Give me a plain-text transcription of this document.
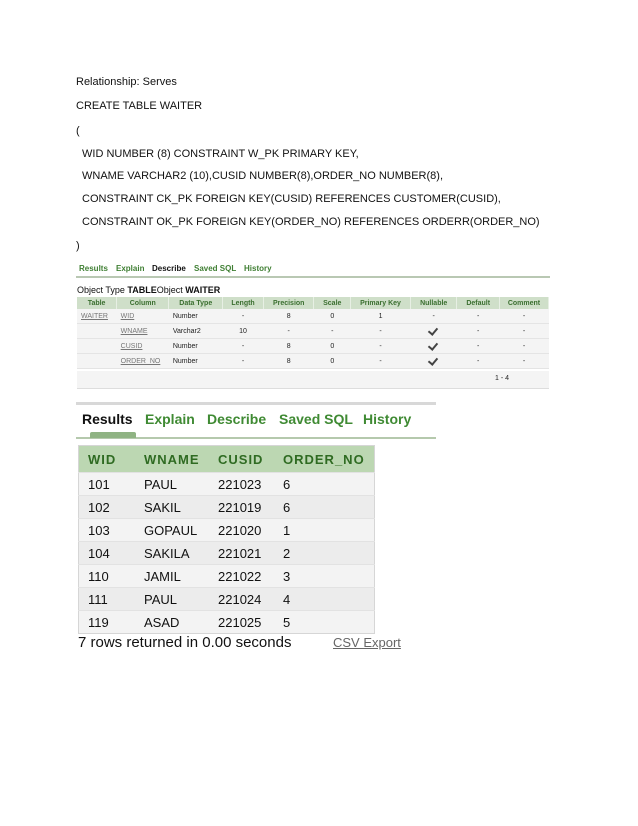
Relationship: Serves
CREATE TABLE WAITER
(
WID NUMBER (8) CONSTRAINT W_PK PRIMARY KEY,
WNAME VARCHAR2 (10),CUSID NUMBER(8),ORDER_NO NUMBER(8),
CONSTRAINT CK_PK FOREIGN KEY(CUSID) REFERENCES CUSTOMER(CUSID),
CONSTRAINT OK_PK FOREIGN KEY(ORDER_NO) REFERENCES ORDERR(ORDER_NO)
)
Results Explain Describe Saved SQL History
Object Type TABLEObject WAITER
Table	Column	Data Type	Length	Precision	Scale	Primary Key	Nullable	Default	Comment
WAITER	WID	Number	-	8	0	1	-	-	-
	WNAME	Varchar2	10	-	-	-		-	-
	CUSID	Number	-	8	0	-		-	-
	ORDER_NO	Number	-	8	0	-		-	-
1 - 4
Results Explain Describe Saved SQL History
WID	WNAME	CUSID	ORDER_NO
101	PAUL	221023	6
102	SAKIL	221019	6
103	GOPAUL	221020	1
104	SAKILA	221021	2
110	JAMIL	221022	3
111	PAUL	221024	4
119	ASAD	221025	5
7 rows returned in 0.00 seconds	CSV Export
